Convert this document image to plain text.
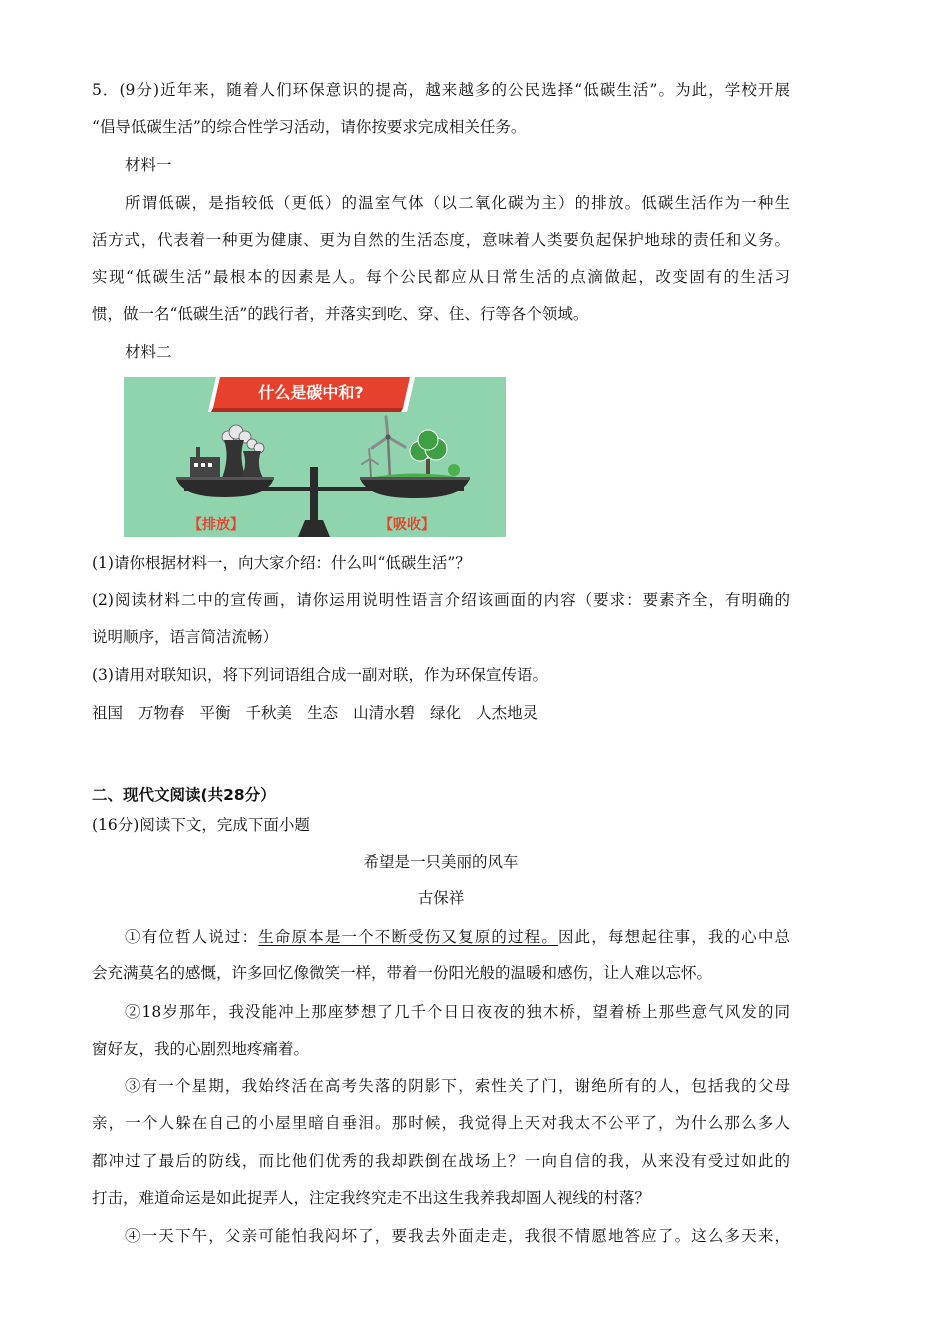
5．(9分)近年来，随着人们环保意识的提高，越来越多的公民选择“低碳生活”。为此，学校开展
“倡导低碳生活”的综合性学习活动，请你按要求完成相关任务。
材料一
所谓低碳，是指较低（更低）的温室气体（以二氧化碳为主）的排放。低碳生活作为一种生
活方式，代表着一种更为健康、更为自然的生活态度，意味着人类要负起保护地球的责任和义务。
实现“低碳生活”最根本的因素是人。每个公民都应从日常生活的点滴做起，改变固有的生活习
惯，做一名“低碳生活”的践行者，并落实到吃、穿、住、行等各个领域。
材料二
什么是碳中和?
【排放】	【吸收】
(1)请你根据材料一，向大家介绍：什么叫“低碳生活”？
(2)阅读材料二中的宣传画，请你运用说明性语言介绍该画面的内容（要求：要素齐全，有明确的
说明顺序，语言简洁流畅）
(3)请用对联知识，将下列词语组合成一副对联，作为环保宣传语。
祖国 万物春 平衡 千秋美 生态 山清水碧 绿化 人杰地灵
二、现代文阅读(共28分）
(16分)阅读下文，完成下面小题
希望是一只美丽的风车
古保祥
①有位哲人说过：生命原本是一个不断受伤又复原的过程。因此，每想起往事，我的心中总
会充满莫名的感慨，许多回忆像微笑一样，带着一份阳光般的温暖和感伤，让人难以忘怀。
②18岁那年，我没能冲上那座梦想了几千个日日夜夜的独木桥，望着桥上那些意气风发的同
窗好友，我的心剧烈地疼痛着。
③有一个星期，我始终活在高考失落的阴影下，索性关了门，谢绝所有的人，包括我的父母
亲，一个人躲在自己的小屋里暗自垂泪。那时候，我觉得上天对我太不公平了，为什么那么多人
都冲过了最后的防线，而比他们优秀的我却跌倒在战场上？一向自信的我，从来没有受过如此的
打击，难道命运是如此捉弄人，注定我终究走不出这生我养我却圄人视线的村落？
④一天下午，父亲可能怕我闷坏了，要我去外面走走，我很不情愿地答应了。这么多天来，
